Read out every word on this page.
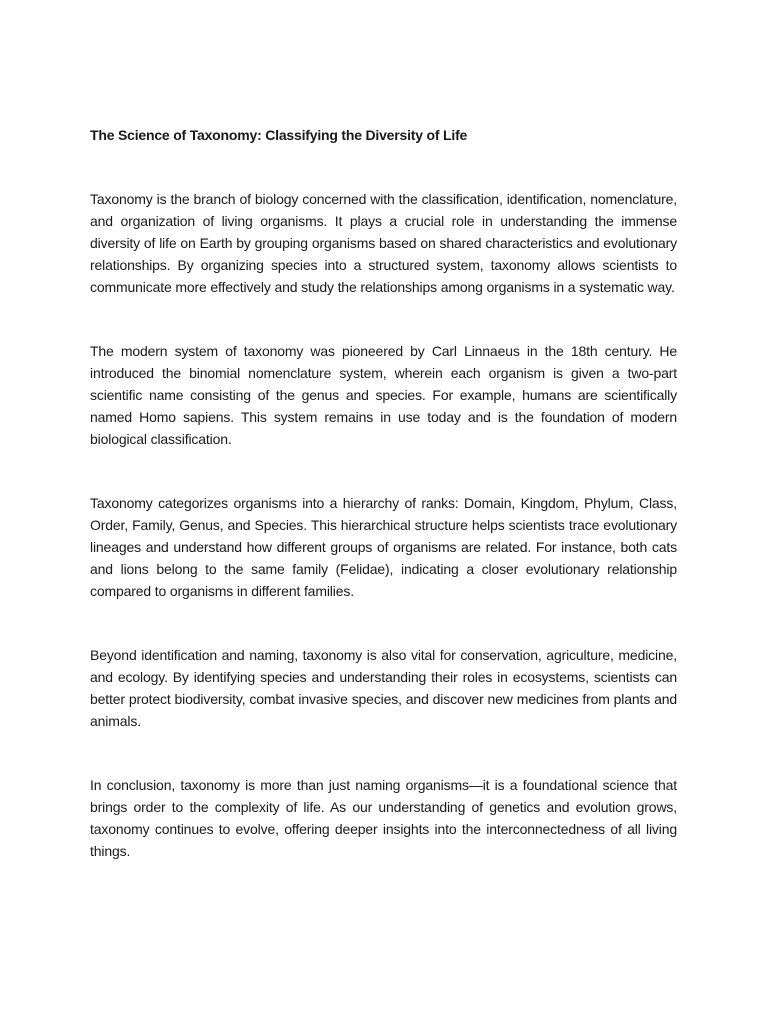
The Science of Taxonomy: Classifying the Diversity of Life

Taxonomy is the branch of biology concerned with the classification, identification, nomenclature, and organization of living organisms. It plays a crucial role in understanding the immense diversity of life on Earth by grouping organisms based on shared characteristics and evolutionary relationships. By organizing species into a structured system, taxonomy allows scientists to communicate more effectively and study the relationships among organisms in a systematic way.

The modern system of taxonomy was pioneered by Carl Linnaeus in the 18th century. He introduced the binomial nomenclature system, wherein each organism is given a two-part scientific name consisting of the genus and species. For example, humans are scientifically named Homo sapiens. This system remains in use today and is the foundation of modern biological classification.

Taxonomy categorizes organisms into a hierarchy of ranks: Domain, Kingdom, Phylum, Class, Order, Family, Genus, and Species. This hierarchical structure helps scientists trace evolutionary lineages and understand how different groups of organisms are related. For instance, both cats and lions belong to the same family (Felidae), indicating a closer evolutionary relationship compared to organisms in different families.

Beyond identification and naming, taxonomy is also vital for conservation, agriculture, medicine, and ecology. By identifying species and understanding their roles in ecosystems, scientists can better protect biodiversity, combat invasive species, and discover new medicines from plants and animals.

In conclusion, taxonomy is more than just naming organisms—it is a foundational science that brings order to the complexity of life. As our understanding of genetics and evolution grows, taxonomy continues to evolve, offering deeper insights into the interconnectedness of all living things.
